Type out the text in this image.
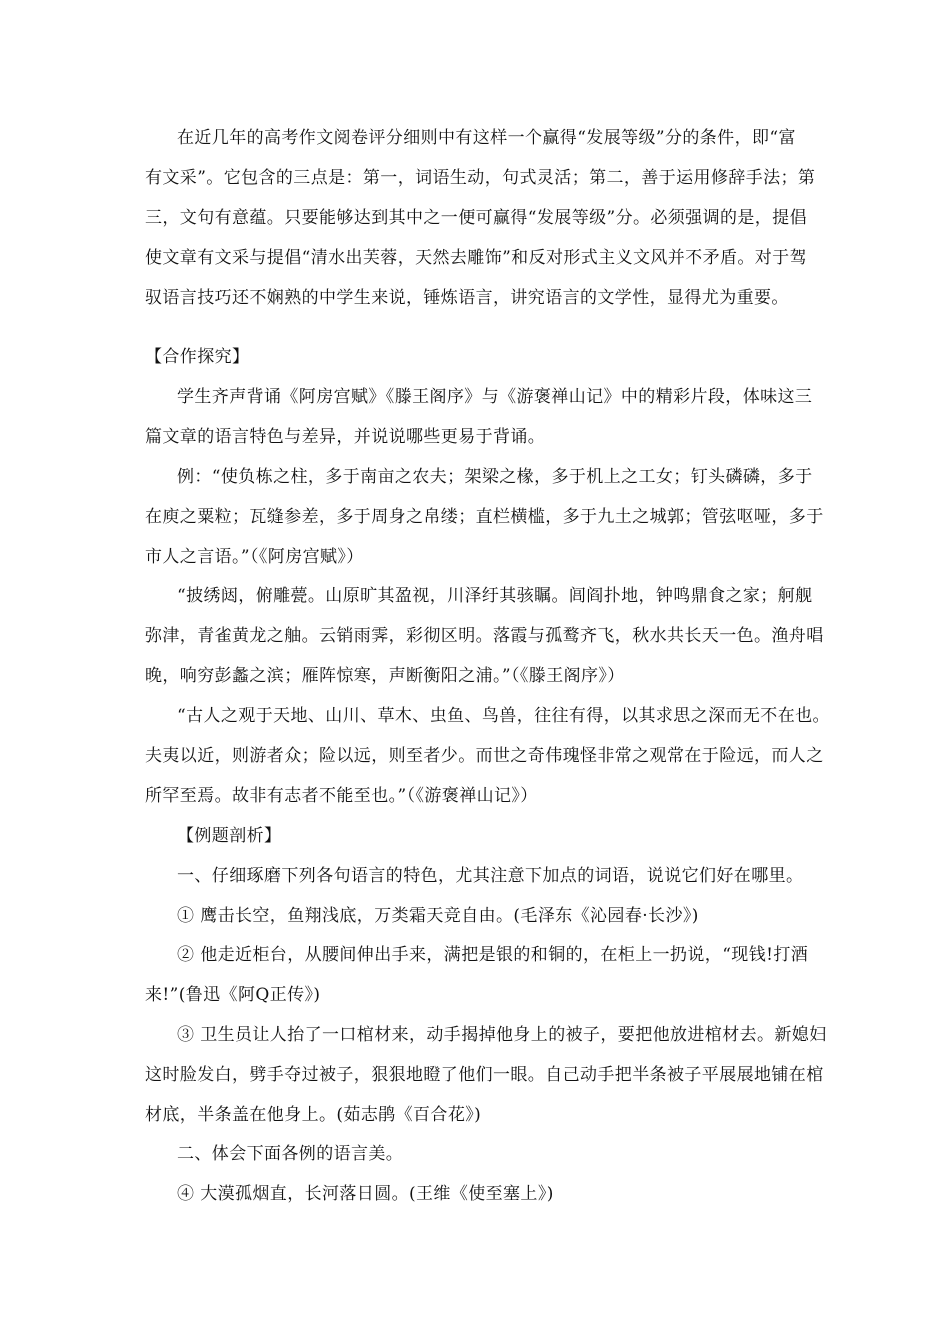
在近几年的高考作文阅卷评分细则中有这样一个赢得“发展等级”分的条件，即“富
有文采”。它包含的三点是：第一，词语生动，句式灵活；第二，善于运用修辞手法；第
三，文句有意蕴。只要能够达到其中之一便可赢得“发展等级”分。必须强调的是，提倡
使文章有文采与提倡“清水出芙蓉，天然去雕饰”和反对形式主义文风并不矛盾。对于驾
驭语言技巧还不娴熟的中学生来说，锤炼语言，讲究语言的文学性，显得尤为重要。
【合作探究】
学生齐声背诵《阿房宫赋》《滕王阁序》与《游褒禅山记》中的精彩片段，体味这三
篇文章的语言特色与差异，并说说哪些更易于背诵。
例：“使负栋之柱，多于南亩之农夫；架梁之椽，多于机上之工女；钉头磷磷，多于
在庾之粟粒；瓦缝参差，多于周身之帛缕；直栏横槛，多于九土之城郭；管弦呕哑，多于
市人之言语。”（《阿房宫赋》）
“披绣闼，俯雕甍。山原旷其盈视，川泽纡其骇瞩。闾阎扑地，钟鸣鼎食之家；舸舰
弥津，青雀黄龙之舳。云销雨霁，彩彻区明。落霞与孤鹜齐飞，秋水共长天一色。渔舟唱
晚，响穷彭蠡之滨；雁阵惊寒，声断衡阳之浦。”（《滕王阁序》）
“古人之观于天地、山川、草木、虫鱼、鸟兽，往往有得，以其求思之深而无不在也。
夫夷以近，则游者众；险以远，则至者少。而世之奇伟瑰怪非常之观常在于险远，而人之
所罕至焉。故非有志者不能至也。”（《游褒禅山记》）
【例题剖析】
一、仔细琢磨下列各句语言的特色，尤其注意下加点的词语，说说它们好在哪里。
① 鹰击长空，鱼翔浅底，万类霜天竞自由。(毛泽东《沁园春·长沙》)
② 他走近柜台，从腰间伸出手来，满把是银的和铜的，在柜上一扔说，“现钱!打酒
来!”(鲁迅《阿Q正传》)
③ 卫生员让人抬了一口棺材来，动手揭掉他身上的被子，要把他放进棺材去。新媳妇
这时脸发白，劈手夺过被子，狠狠地瞪了他们一眼。自己动手把半条被子平展展地铺在棺
材底，半条盖在他身上。(茹志鹃《百合花》)
二、体会下面各例的语言美。
④ 大漠孤烟直，长河落日圆。(王维《使至塞上》)
